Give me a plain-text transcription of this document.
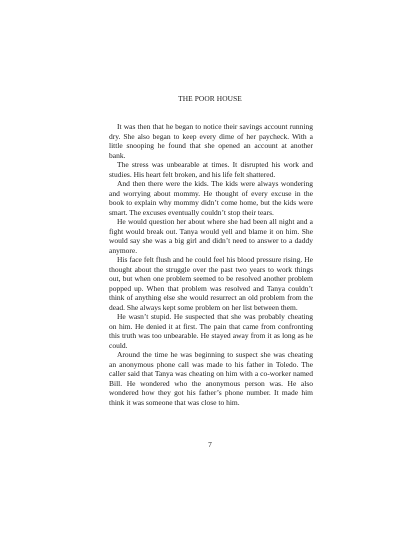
THE POOR HOUSE

It was then that he began to notice their savings account running dry. She also began to keep every dime of her paycheck. With a little snooping he found that she opened an account at another bank.

The stress was unbearable at times. It disrupted his work and studies. His heart felt broken, and his life felt shattered.

And then there were the kids. The kids were always wondering and worrying about mommy. He thought of every excuse in the book to explain why mommy didn’t come home, but the kids were smart. The excuses eventually couldn’t stop their tears.

He would question her about where she had been all night and a fight would break out. Tanya would yell and blame it on him. She would say she was a big girl and didn’t need to answer to a daddy anymore.

His face felt flush and he could feel his blood pressure rising. He thought about the struggle over the past two years to work things out, but when one problem seemed to be resolved another problem popped up. When that problem was resolved and Tanya couldn’t think of anything else she would resurrect an old problem from the dead. She always kept some problem on her list between them.

He wasn’t stupid. He suspected that she was probably cheating on him. He denied it at first. The pain that came from confronting this truth was too unbearable. He stayed away from it as long as he could.

Around the time he was beginning to suspect she was cheating an anonymous phone call was made to his father in Toledo. The caller said that Tanya was cheating on him with a co-worker named Bill. He wondered who the anonymous person was. He also wondered how they got his father’s phone number. It made him think it was someone that was close to him.

7
